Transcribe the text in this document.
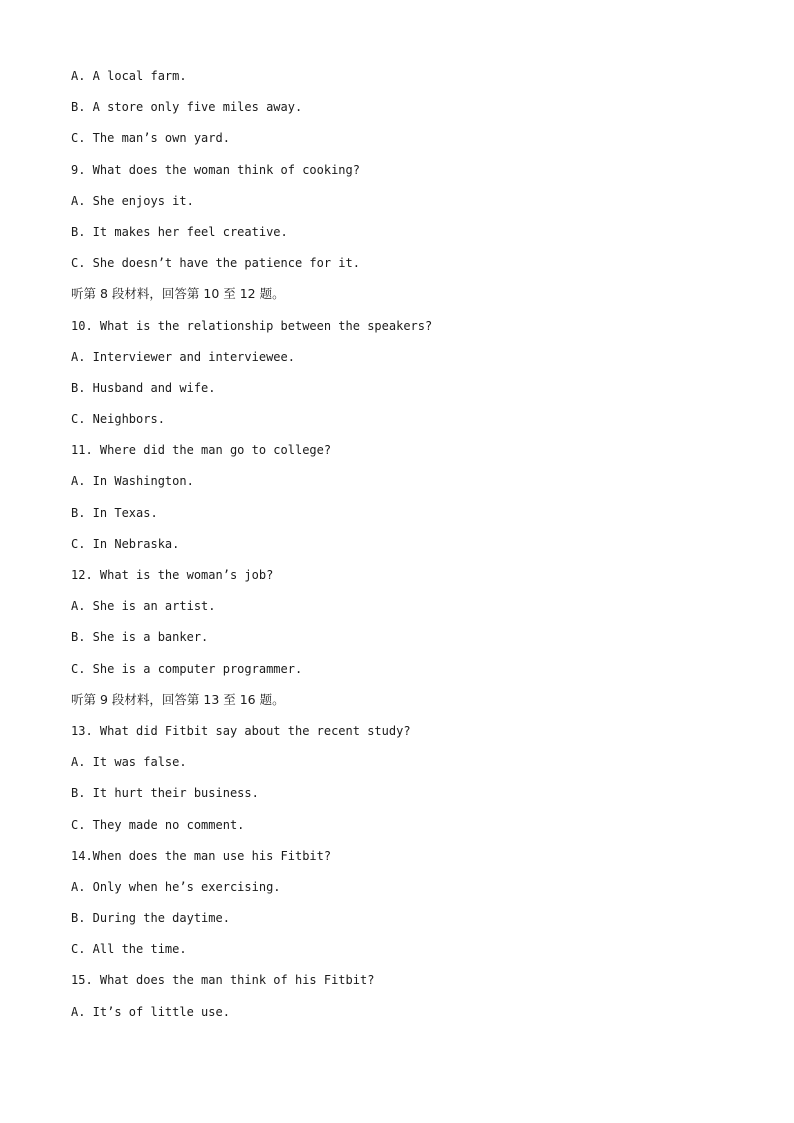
A. A local farm.
B. A store only five miles away.
C. The man’s own yard.
9. What does the woman think of cooking?
A. She enjoys it.
B. It makes her feel creative.
C. She doesn’t have the patience for it.
听第 8 段材料，回答第 10 至 12 题。
10. What is the relationship between the speakers?
A. Interviewer and interviewee.
B. Husband and wife.
C. Neighbors.
11. Where did the man go to college?
A. In Washington.
B. In Texas.
C. In Nebraska.
12. What is the woman’s job?
A. She is an artist.
B. She is a banker.
C. She is a computer programmer.
听第 9 段材料，回答第 13 至 16 题。
13. What did Fitbit say about the recent study?
A. It was false.
B. It hurt their business.
C. They made no comment.
14.When does the man use his Fitbit?
A. Only when he’s exercising.
B. During the daytime.
C. All the time.
15. What does the man think of his Fitbit?
A. It’s of little use.
